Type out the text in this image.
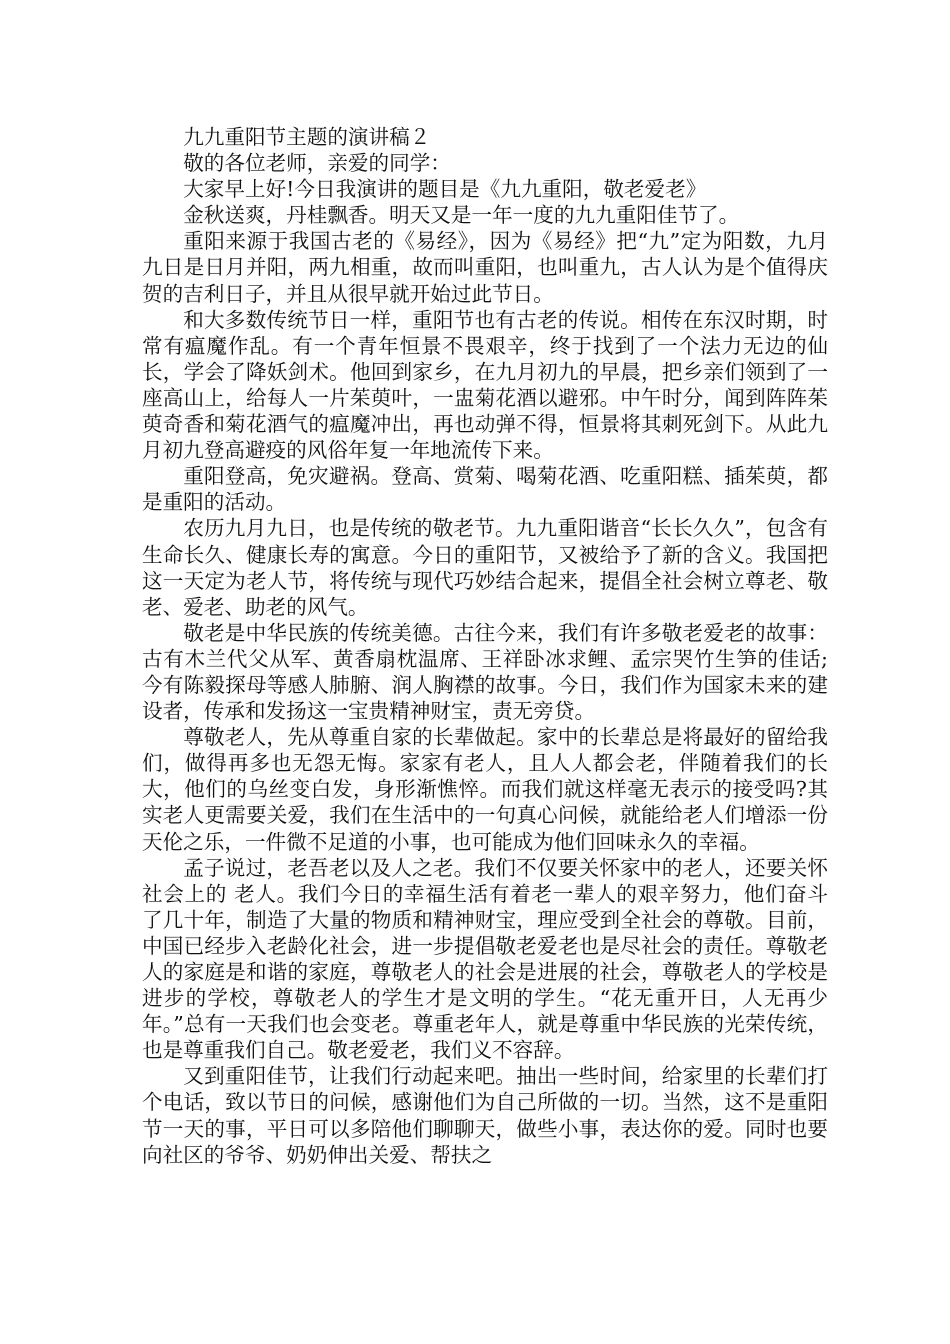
九九重阳节主题的演讲稿２

敬的各位老师，亲爱的同学：

大家早上好!今日我演讲的题目是《九九重阳，敬老爱老》

金秋送爽，丹桂飘香。明天又是一年一度的九九重阳佳节了。

重阳来源于我国古老的《易经》，因为《易经》把“九”定为阳数，九月九日是日月并阳，两九相重，故而叫重阳，也叫重九，古人认为是个值得庆贺的吉利日子，并且从很早就开始过此节日。

和大多数传统节日一样，重阳节也有古老的传说。相传在东汉时期，时常有瘟魔作乱。有一个青年恒景不畏艰辛，终于找到了一个法力无边的仙长，学会了降妖剑术。他回到家乡，在九月初九的早晨，把乡亲们领到了一座高山上，给每人一片茱萸叶，一盅菊花酒以避邪。中午时分，闻到阵阵茱萸奇香和菊花酒气的瘟魔冲出，再也动弹不得，恒景将其刺死剑下。从此九月初九登高避疫的风俗年复一年地流传下来。

重阳登高，免灾避祸。登高、赏菊、喝菊花酒、吃重阳糕、插茱萸，都是重阳的活动。

农历九月九日，也是传统的敬老节。九九重阳谐音“长长久久”，包含有生命长久、健康长寿的寓意。今日的重阳节，又被给予了新的含义。我国把这一天定为老人节，将传统与现代巧妙结合起来，提倡全社会树立尊老、敬老、爱老、助老的风气。

敬老是中华民族的传统美德。古往今来，我们有许多敬老爱老的故事：古有木兰代父从军、黄香扇枕温席、王祥卧冰求鲤、孟宗哭竹生笋的佳话;今有陈毅探母等感人肺腑、润人胸襟的故事。今日，我们作为国家未来的建设者，传承和发扬这一宝贵精神财宝，责无旁贷。

尊敬老人，先从尊重自家的长辈做起。家中的长辈总是将最好的留给我们，做得再多也无怨无悔。家家有老人，且人人都会老，伴随着我们的长大，他们的乌丝变白发，身形渐憔悴。而我们就这样毫无表示的接受吗?其实老人更需要关爱，我们在生活中的一句真心问候，就能给老人们增添一份天伦之乐，一件微不足道的小事，也可能成为他们回味永久的幸福。

孟子说过，老吾老以及人之老。我们不仅要关怀家中的老人，还要关怀社会上的 老人。我们今日的幸福生活有着老一辈人的艰辛努力，他们奋斗了几十年，制造了大量的物质和精神财宝，理应受到全社会的尊敬。目前，中国已经步入老龄化社会，进一步提倡敬老爱老也是尽社会的责任。尊敬老人的家庭是和谐的家庭，尊敬老人的社会是进展的社会，尊敬老人的学校是进步的学校，尊敬老人的学生才是文明的学生。“花无重开日，人无再少年。”总有一天我们也会变老。尊重老年人，就是尊重中华民族的光荣传统，也是尊重我们自己。敬老爱老，我们义不容辞。

又到重阳佳节，让我们行动起来吧。抽出一些时间，给家里的长辈们打个电话，致以节日的问候，感谢他们为自己所做的一切。当然，这不是重阳节一天的事，平日可以多陪他们聊聊天，做些小事，表达你的爱。同时也要向社区的爷爷、奶奶伸出关爱、帮扶之
